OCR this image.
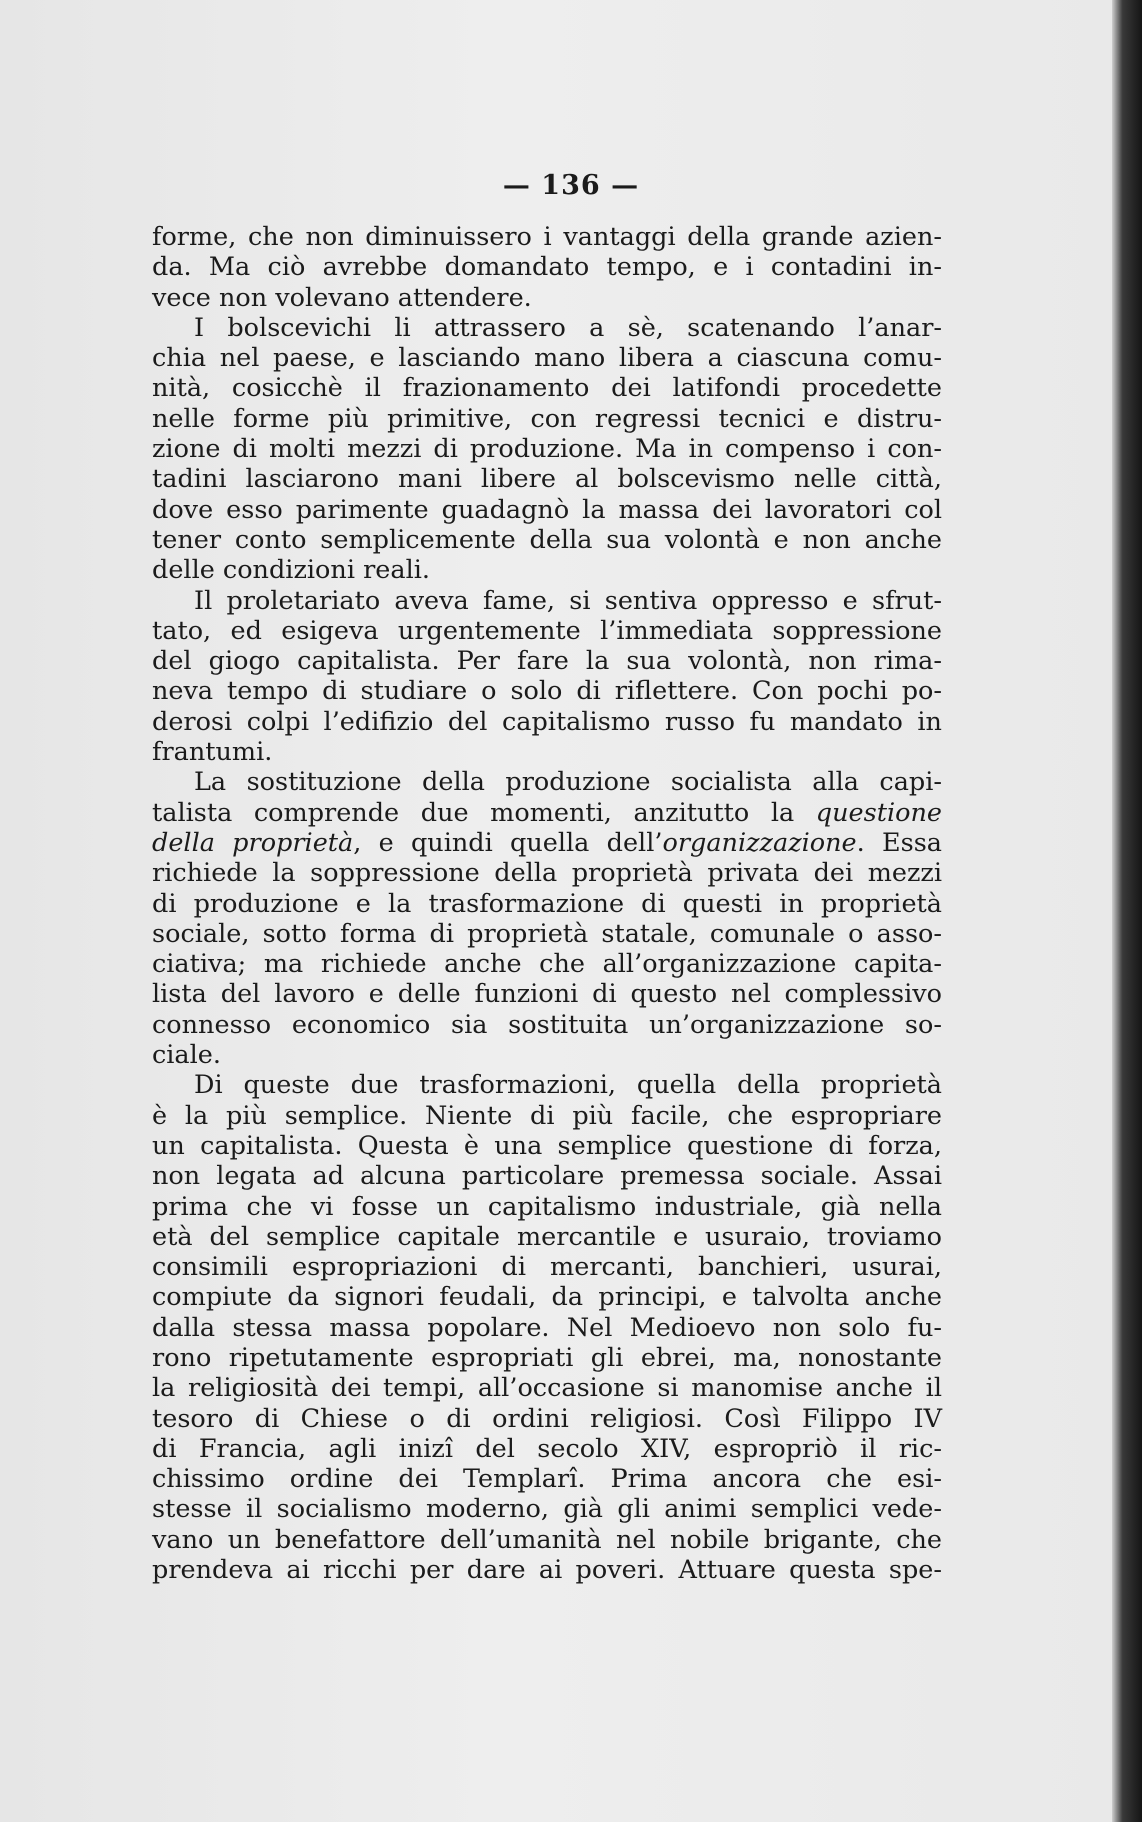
— 136 —
forme, che non diminuissero i vantaggi della grande azien-
da. Ma ciò avrebbe domandato tempo, e i contadini in-
vece non volevano attendere.
I bolscevichi li attrassero a sè, scatenando l’anar-
chia nel paese, e lasciando mano libera a ciascuna comu-
nità, cosicchè il frazionamento dei latifondi procedette
nelle forme più primitive, con regressi tecnici e distru-
zione di molti mezzi di produzione. Ma in compenso i con-
tadini lasciarono mani libere al bolscevismo nelle città,
dove esso parimente guadagnò la massa dei lavoratori col
tener conto semplicemente della sua volontà e non anche
delle condizioni reali.
Il proletariato aveva fame, si sentiva oppresso e sfrut-
tato, ed esigeva urgentemente l’immediata soppressione
del giogo capitalista. Per fare la sua volontà, non rima-
neva tempo di studiare o solo di riflettere. Con pochi po-
derosi colpi l’edifizio del capitalismo russo fu mandato in
frantumi.
La sostituzione della produzione socialista alla capi-
talista comprende due momenti, anzitutto la questione
della proprietà, e quindi quella dell’organizzazione. Essa
richiede la soppressione della proprietà privata dei mezzi
di produzione e la trasformazione di questi in proprietà
sociale, sotto forma di proprietà statale, comunale o asso-
ciativa; ma richiede anche che all’organizzazione capita-
lista del lavoro e delle funzioni di questo nel complessivo
connesso economico sia sostituita un’organizzazione so-
ciale.
Di queste due trasformazioni, quella della proprietà
è la più semplice. Niente di più facile, che espropriare
un capitalista. Questa è una semplice questione di forza,
non legata ad alcuna particolare premessa sociale. Assai
prima che vi fosse un capitalismo industriale, già nella
età del semplice capitale mercantile e usuraio, troviamo
consimili espropriazioni di mercanti, banchieri, usurai,
compiute da signori feudali, da principi, e talvolta anche
dalla stessa massa popolare. Nel Medioevo non solo fu-
rono ripetutamente espropriati gli ebrei, ma, nonostante
la religiosità dei tempi, all’occasione si manomise anche il
tesoro di Chiese o di ordini religiosi. Così Filippo IV
di Francia, agli inizî del secolo XIV, espropriò il ric-
chissimo ordine dei Templarî. Prima ancora che esi-
stesse il socialismo moderno, già gli animi semplici vede-
vano un benefattore dell’umanità nel nobile brigante, che
prendeva ai ricchi per dare ai poveri. Attuare questa spe-
